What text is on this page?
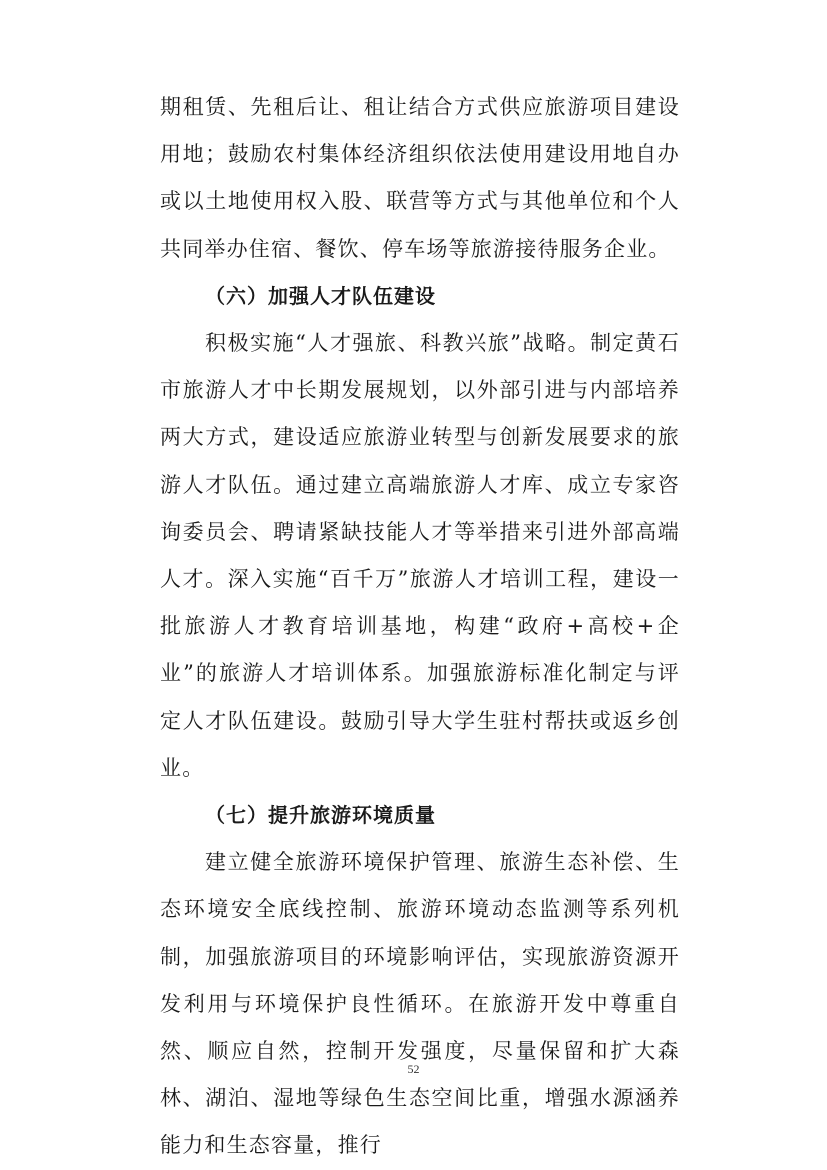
期租赁、先租后让、租让结合方式供应旅游项目建设用地；鼓励农村集体经济组织依法使用建设用地自办或以土地使用权入股、联营等方式与其他单位和个人共同举办住宿、餐饮、停车场等旅游接待服务企业。

（六）加强人才队伍建设

积极实施“人才强旅、科教兴旅”战略。制定黄石市旅游人才中长期发展规划，以外部引进与内部培养两大方式，建设适应旅游业转型与创新发展要求的旅游人才队伍。通过建立高端旅游人才库、成立专家咨询委员会、聘请紧缺技能人才等举措来引进外部高端人才。深入实施“百千万”旅游人才培训工程，建设一批旅游人才教育培训基地，构建“政府+高校+企业”的旅游人才培训体系。加强旅游标准化制定与评定人才队伍建设。鼓励引导大学生驻村帮扶或返乡创业。

（七）提升旅游环境质量

建立健全旅游环境保护管理、旅游生态补偿、生态环境安全底线控制、旅游环境动态监测等系列机制，加强旅游项目的环境影响评估，实现旅游资源开发利用与环境保护良性循环。在旅游开发中尊重自然、顺应自然，控制开发强度，尽量保留和扩大森林、湖泊、湿地等绿色生态空间比重，增强水源涵养能力和生态容量，推行

52
